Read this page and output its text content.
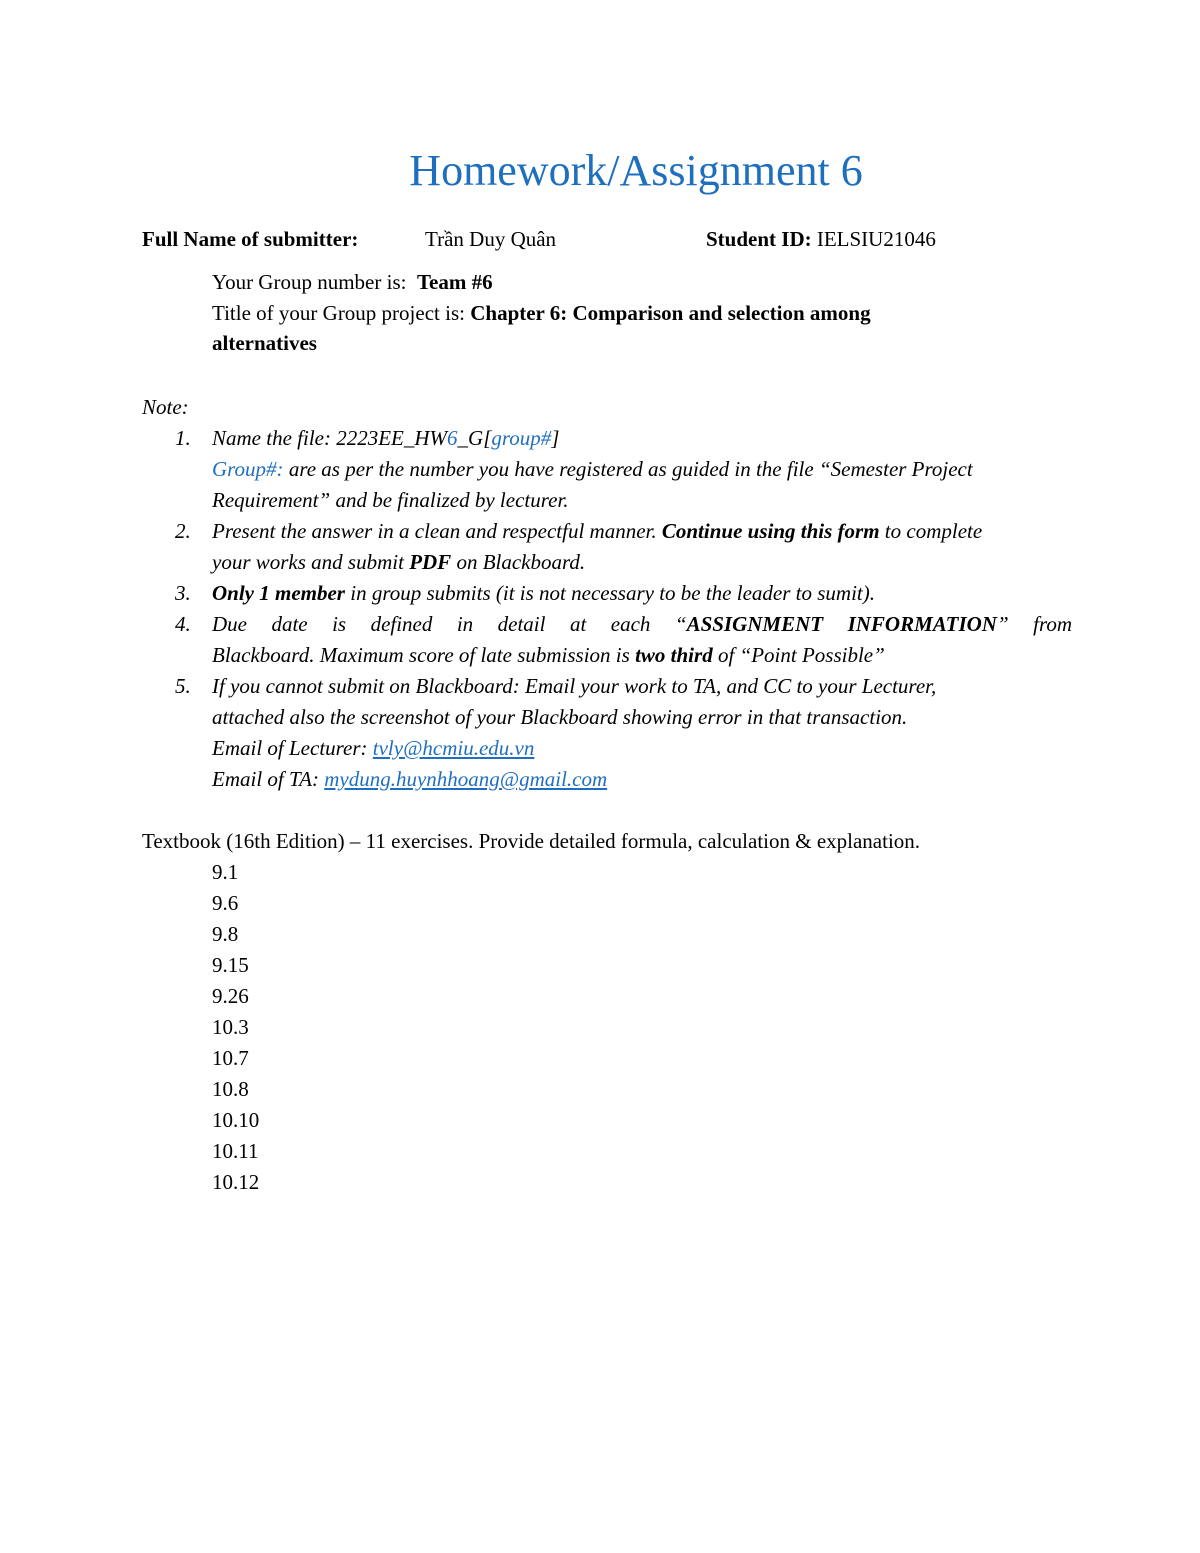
Homework/Assignment 6
Full Name of submitter:	Trần Duy Quân	Student ID: IELSIU21046
Your Group number is: Team #6
Title of your Group project is: Chapter 6: Comparison and selection among
alternatives
Note:
1. Name the file: 2223EE_HW6_G[group#]
Group#: are as per the number you have registered as guided in the file “Semester Project
Requirement” and be finalized by lecturer.
2. Present the answer in a clean and respectful manner. Continue using this form to complete
your works and submit PDF on Blackboard.
3. Only 1 member in group submits (it is not necessary to be the leader to sumit).
4. Due date is defined in detail at each “ASSIGNMENT INFORMATION” from
Blackboard. Maximum score of late submission is two third of “Point Possible”
5. If you cannot submit on Blackboard: Email your work to TA, and CC to your Lecturer,
attached also the screenshot of your Blackboard showing error in that transaction.
Email of Lecturer: tvly@hcmiu.edu.vn
Email of TA: mydung.huynhhoang@gmail.com
Textbook (16th Edition) – 11 exercises. Provide detailed formula, calculation & explanation.
9.1
9.6
9.8
9.15
9.26
10.3
10.7
10.8
10.10
10.11
10.12
